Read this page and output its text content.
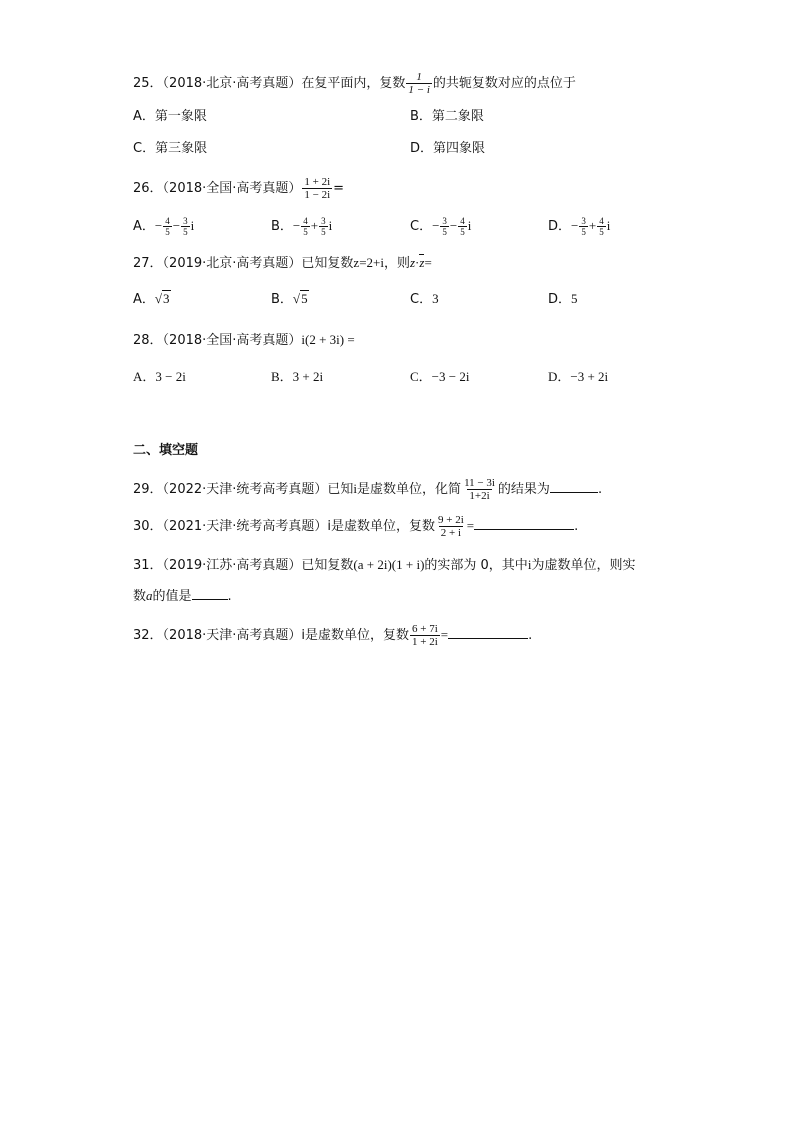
25．（2018·北京·高考真题）在复平面内，复数 $\frac{1}{1 - i}$ 的共轭复数对应的点位于
A．第一象限	B．第二象限
C．第三象限	D．第四象限
26．（2018·全国·高考真题） $\frac{1 + 2i}{1 - 2i}$ =
A．− $\frac{4}{5} - \frac{3}{5}$ i	B．− $\frac{4}{5} + \frac{3}{5}$ i	C．− $\frac{3}{5} - \frac{4}{5}$ i	D．− $\frac{3}{5} + \frac{4}{5}$ i
27．（2019·北京·高考真题）已知复数z=2+i，则z·z=
A．√3	B．√5	C．3	D．5
28．（2018·全国·高考真题）i(2 + 3i) =
A．3 − 2i	B．3 + 2i	C．−3 − 2i	D．−3 + 2i
二、填空题
29．（2022·天津·统考高考真题）已知i是虚数单位，化简 $\frac{11 - 3i}{1+2i}$ 的结果为	.
30．（2021·天津·统考高考真题）i是虚数单位，复数 $\frac{9 + 2i}{2 + i}$ =	.
31．（2019·江苏·高考真题）已知复数(a + 2i)(1 + i)的实部为 0，其中i为虚数单位，则实
数a的值是	.
32．（2018·天津·高考真题）i是虚数单位，复数 $\frac{6 + 7i}{1 + 2i}$ =	.
